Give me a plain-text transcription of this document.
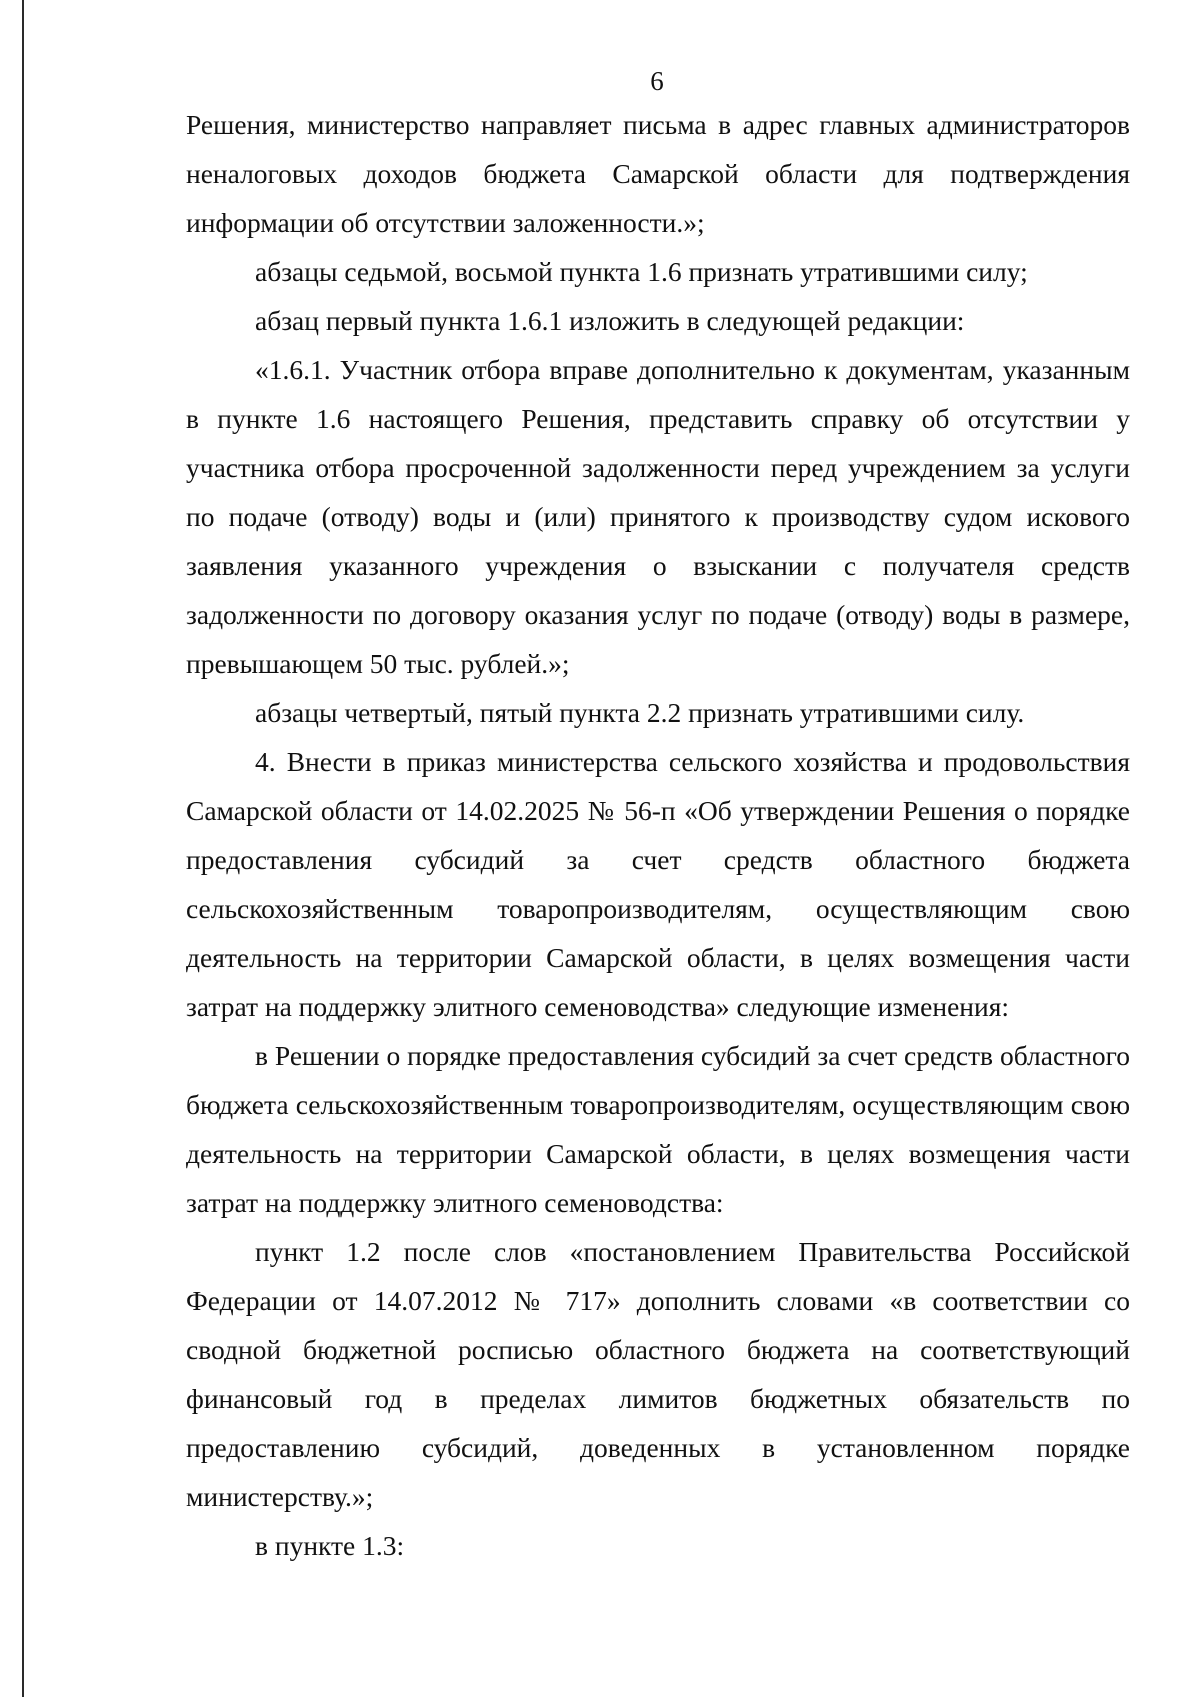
6

Решения, министерство направляет письма в адрес главных администраторов неналоговых доходов бюджета Самарской области для подтверждения информации об отсутствии заложенности.»;

абзацы седьмой, восьмой пункта 1.6 признать утратившими силу;

абзац первый пункта 1.6.1 изложить в следующей редакции:

«1.6.1. Участник отбора вправе дополнительно к документам, указанным в пункте 1.6 настоящего Решения, представить справку об отсутствии у участника отбора просроченной задолженности перед учреждением за услуги по подаче (отводу) воды и (или) принятого к производству судом искового заявления указанного учреждения о взыскании с получателя средств задолженности по договору оказания услуг по подаче (отводу) воды в размере, превышающем 50 тыс. рублей.»;

абзацы четвертый, пятый пункта 2.2 признать утратившими силу.

4. Внести в приказ министерства сельского хозяйства и продовольствия Самарской области от 14.02.2025 № 56-п «Об утверждении Решения о порядке предоставления субсидий за счет средств областного бюджета сельскохозяйственным товаропроизводителям, осуществляющим свою деятельность на территории Самарской области, в целях возмещения части затрат на поддержку элитного семеноводства» следующие изменения:

в Решении о порядке предоставления субсидий за счет средств областного бюджета сельскохозяйственным товаропроизводителям, осуществляющим свою деятельность на территории Самарской области, в целях возмещения части затрат на поддержку элитного семеноводства:

пункт 1.2 после слов «постановлением Правительства Российской Федерации от 14.07.2012 № 717» дополнить словами «в соответствии со сводной бюджетной росписью областного бюджета на соответствующий финансовый год в пределах лимитов бюджетных обязательств по предоставлению субсидий, доведенных в установленном порядке министерству.»;

в пункте 1.3:
